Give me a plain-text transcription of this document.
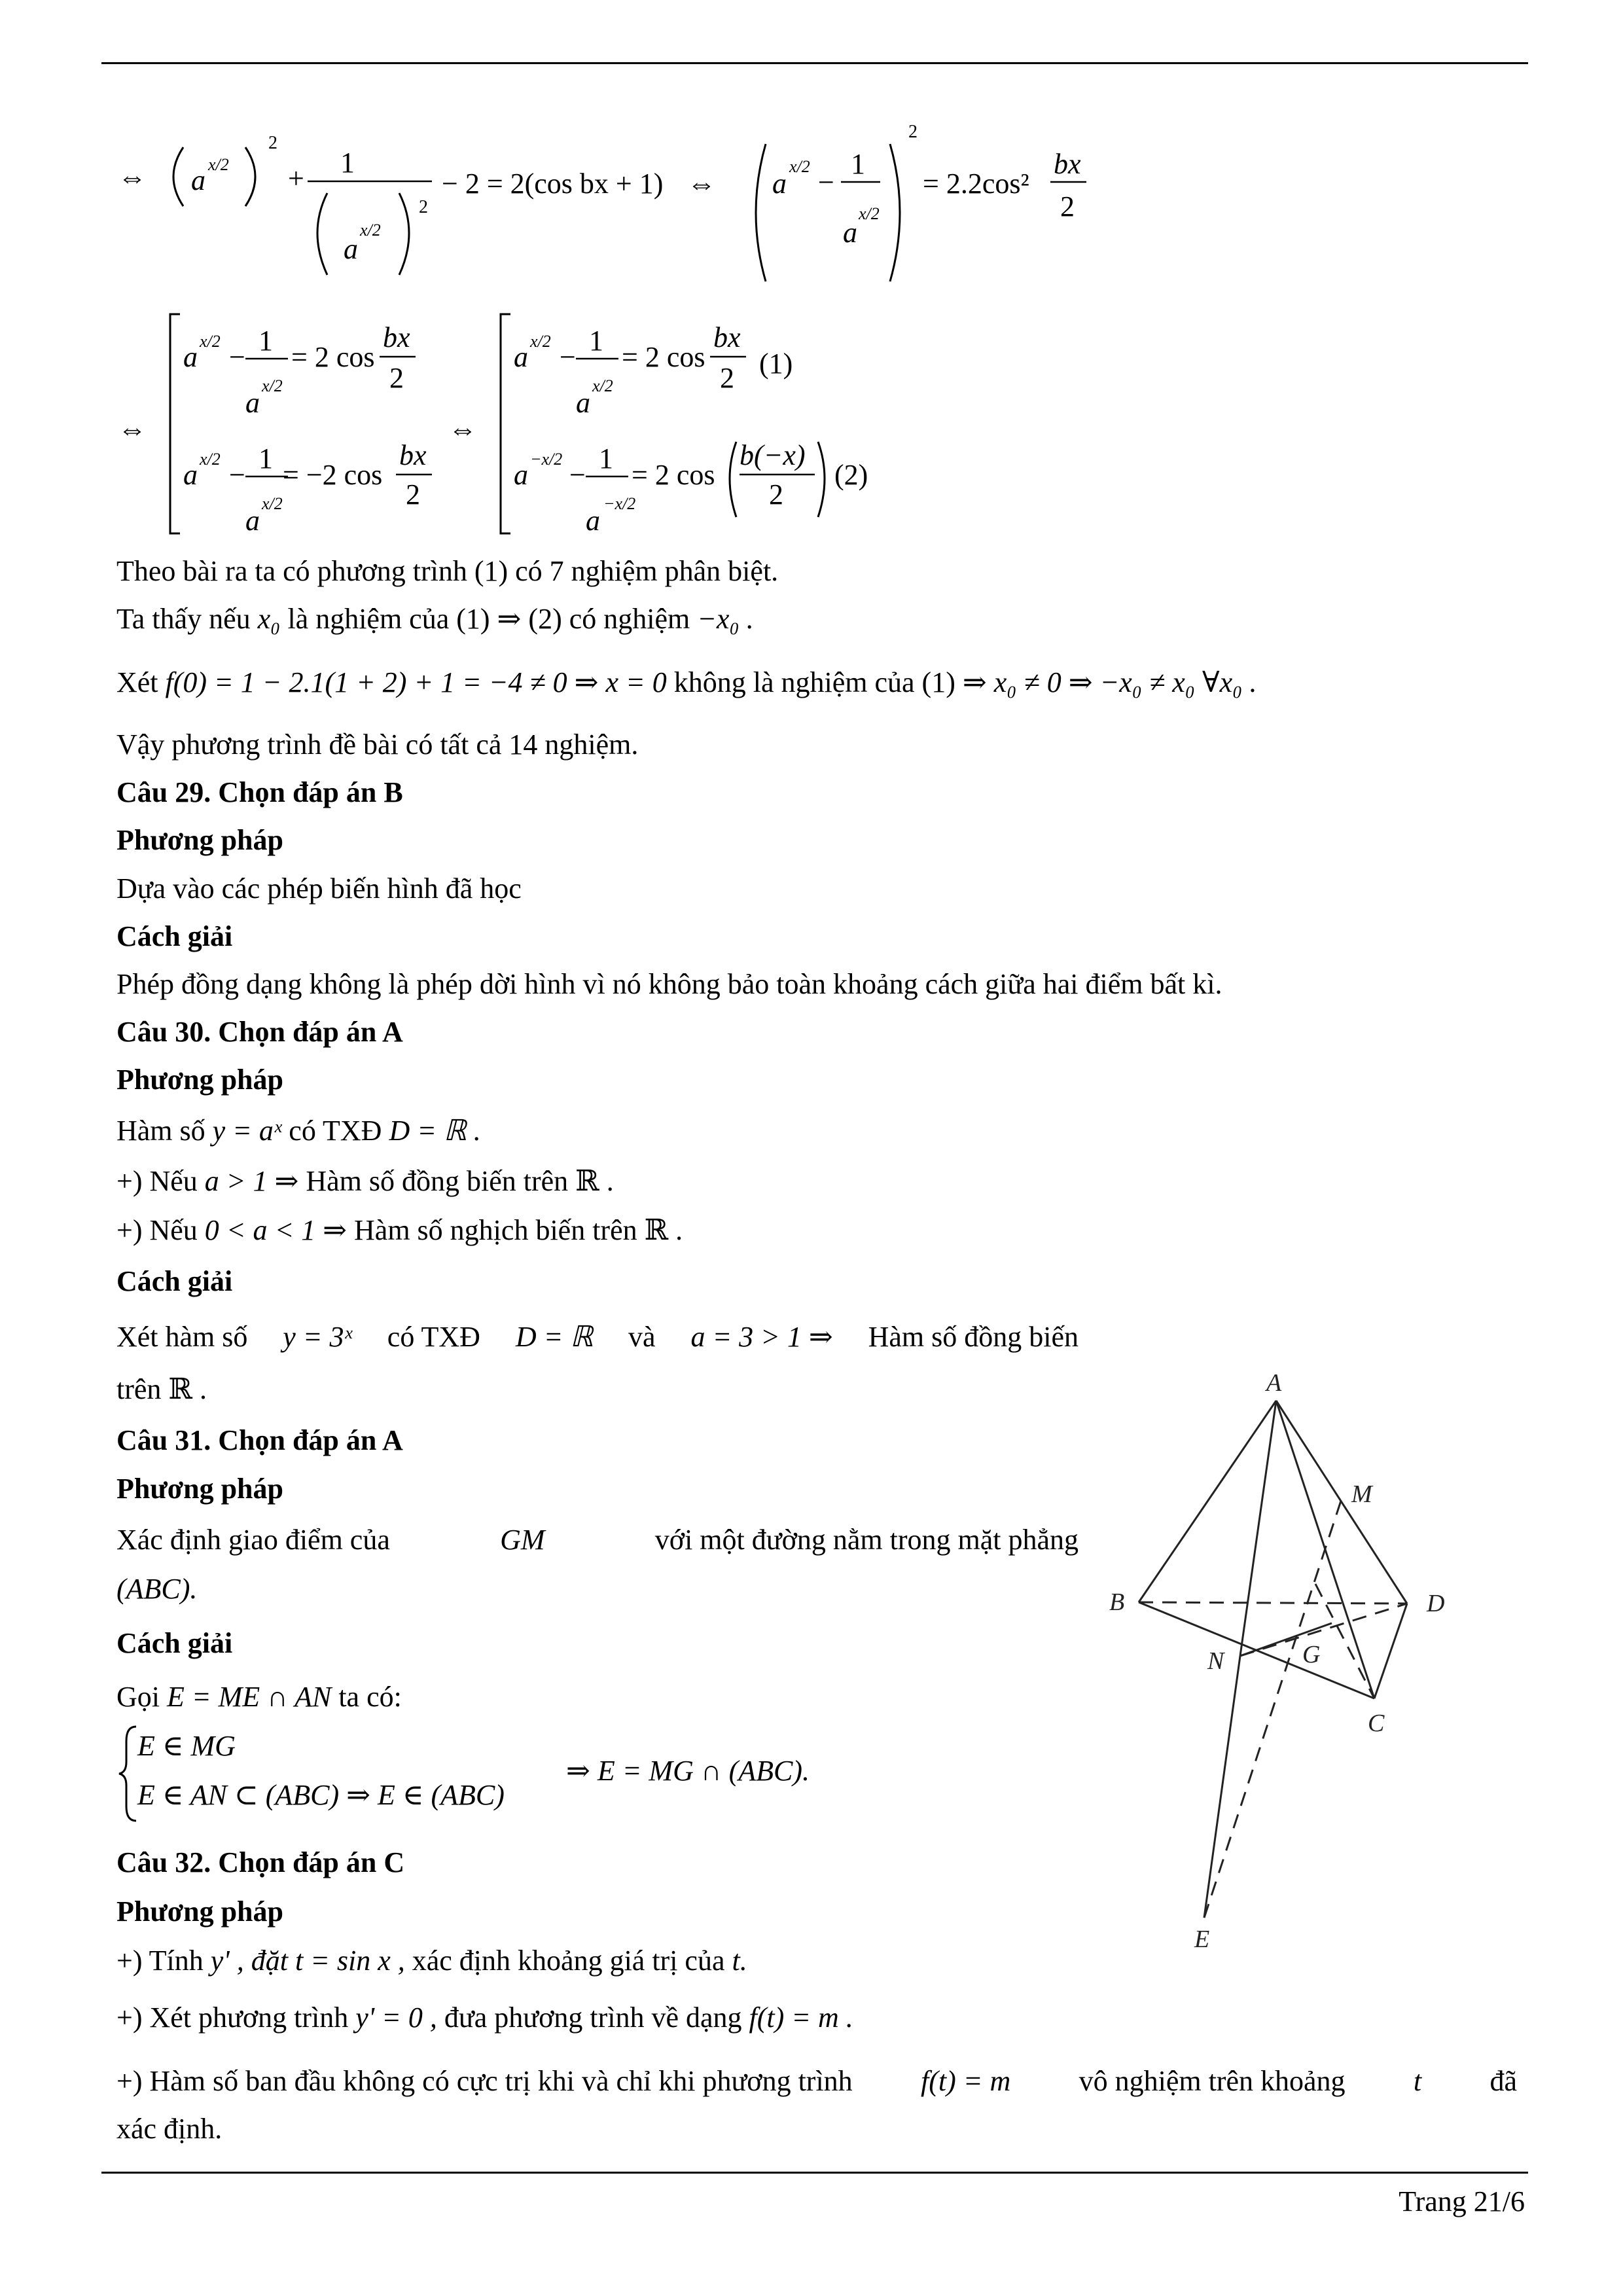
⇔ a x/2
2
+ 1
a
x/2
2
− 2 = 2(cos bx + 1) ⇔ a
x/2 −
1
a
x/2
2
= 2.2cos²
bx
2
⇔
a x/2 −
1
a
x/2
= 2 cos
bx
2
a x/2 −
1
a
x/2
= −2 cos
bx
2
⇔
a x/2 −
1
a
x/2
= 2 cos
bx
2 (1)
a −x/2 −
1
a
−x/2
= 2 cos
b(−x)
2
(2)
Theo bài ra ta có phương trình (1) có 7 nghiệm phân biệt.
Ta thấy nếu x₀ là nghiệm của (1) ⇒ (2) có nghiệm −x₀ .
Xét f(0) = 1 − 2.1(1 + 2) + 1 = −4 ≠ 0 ⇒ x = 0 không là nghiệm của (1) ⇒ x₀ ≠ 0 ⇒ −x₀ ≠ x₀ ∀x₀ .
Vậy phương trình đề bài có tất cả 14 nghiệm.
Câu 29. Chọn đáp án B
Phương pháp
Dựa vào các phép biến hình đã học
Cách giải
Phép đồng dạng không là phép dời hình vì nó không bảo toàn khoảng cách giữa hai điểm bất kì.
Câu 30. Chọn đáp án A
Phương pháp
Hàm số y = aˣ có TXĐ D = ℝ .
+) Nếu a > 1 ⇒ Hàm số đồng biến trên ℝ .
+) Nếu 0 < a < 1 ⇒ Hàm số nghịch biến trên ℝ .
Cách giải
Xét hàm số y = 3ˣ có TXĐ D = ℝ và a = 3 > 1 ⇒ Hàm số đồng biến
trên ℝ .
Câu 31. Chọn đáp án A
Phương pháp
Xác định giao điểm của	GM	với một đường nằm trong mặt phẳng
(ABC).
Cách giải
Gọi E = ME ∩ AN ta có:
E ∈ MG
E ∈ AN ⊂ (ABC) ⇒ E ∈ (ABC)
⇒ E = MG ∩ (ABC).
Câu 32. Chọn đáp án C
Phương pháp
+) Tính y' , đặt t = sin x , xác định khoảng giá trị của t.
+) Xét phương trình y' = 0 , đưa phương trình về dạng f(t) = m .
+) Hàm số ban đầu không có cực trị khi và chỉ khi phương trình f(t) = m vô nghiệm trên khoảng t đã
xác định.
A
M
B	D
N	G
C
E
Trang 21/6
